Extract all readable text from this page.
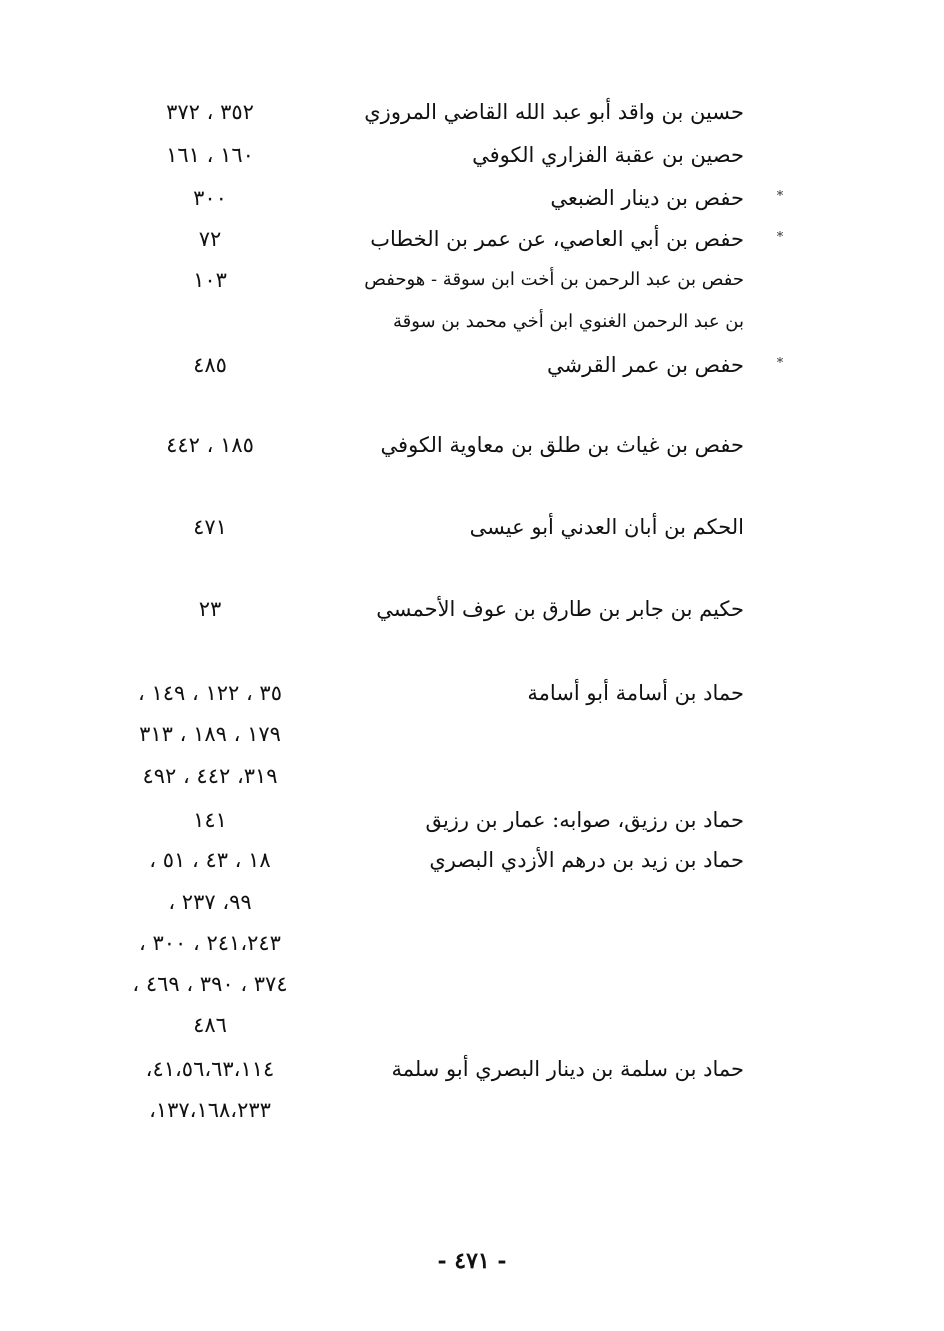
حسين بن واقد أبو عبد الله القاضي المروزي
٣٥٢ ، ٣٧٢
حصين بن عقبة الفزاري الكوفي
١٦٠ ، ١٦١
*
حفص بن دينار الضبعي
٣٠٠
*
حفص بن أبي العاصي، عن عمر بن الخطاب
٧٢
حفص بن عبد الرحمن بن أخت ابن سوقة - هوحفص
١٠٣
بن عبد الرحمن الغنوي ابن أخي محمد بن سوقة
*
حفص بن عمر القرشي
٤٨٥
حفص بن غياث بن طلق بن معاوية الكوفي
١٨٥ ، ٤٤٢
الحكم بن أبان العدني أبو عيسى
٤٧١
حكيم بن جابر بن طارق بن عوف الأحمسي
٢٣
حماد بن أسامة أبو أسامة
٣٥ ، ١٢٢ ، ١٤٩ ،
١٧٩ ، ١٨٩ ، ٣١٣
٣١٩، ٤٤٢ ، ٤٩٢
حماد بن رزيق، صوابه: عمار بن رزيق
١٤١
حماد بن زيد بن درهم الأزدي البصري
١٨ ، ٤٣ ، ٥١ ،
٩٩، ٢٣٧ ،
٢٤١،٢٤٣ ، ٣٠٠ ،
٣٧٤ ، ٣٩٠ ، ٤٦٩ ،
٤٨٦
حماد بن سلمة بن دينار البصري أبو سلمة
٤١،٥٦،٦٣،١١٤،
١٣٧،١٦٨،٢٣٣،
- ٤٧١ -
